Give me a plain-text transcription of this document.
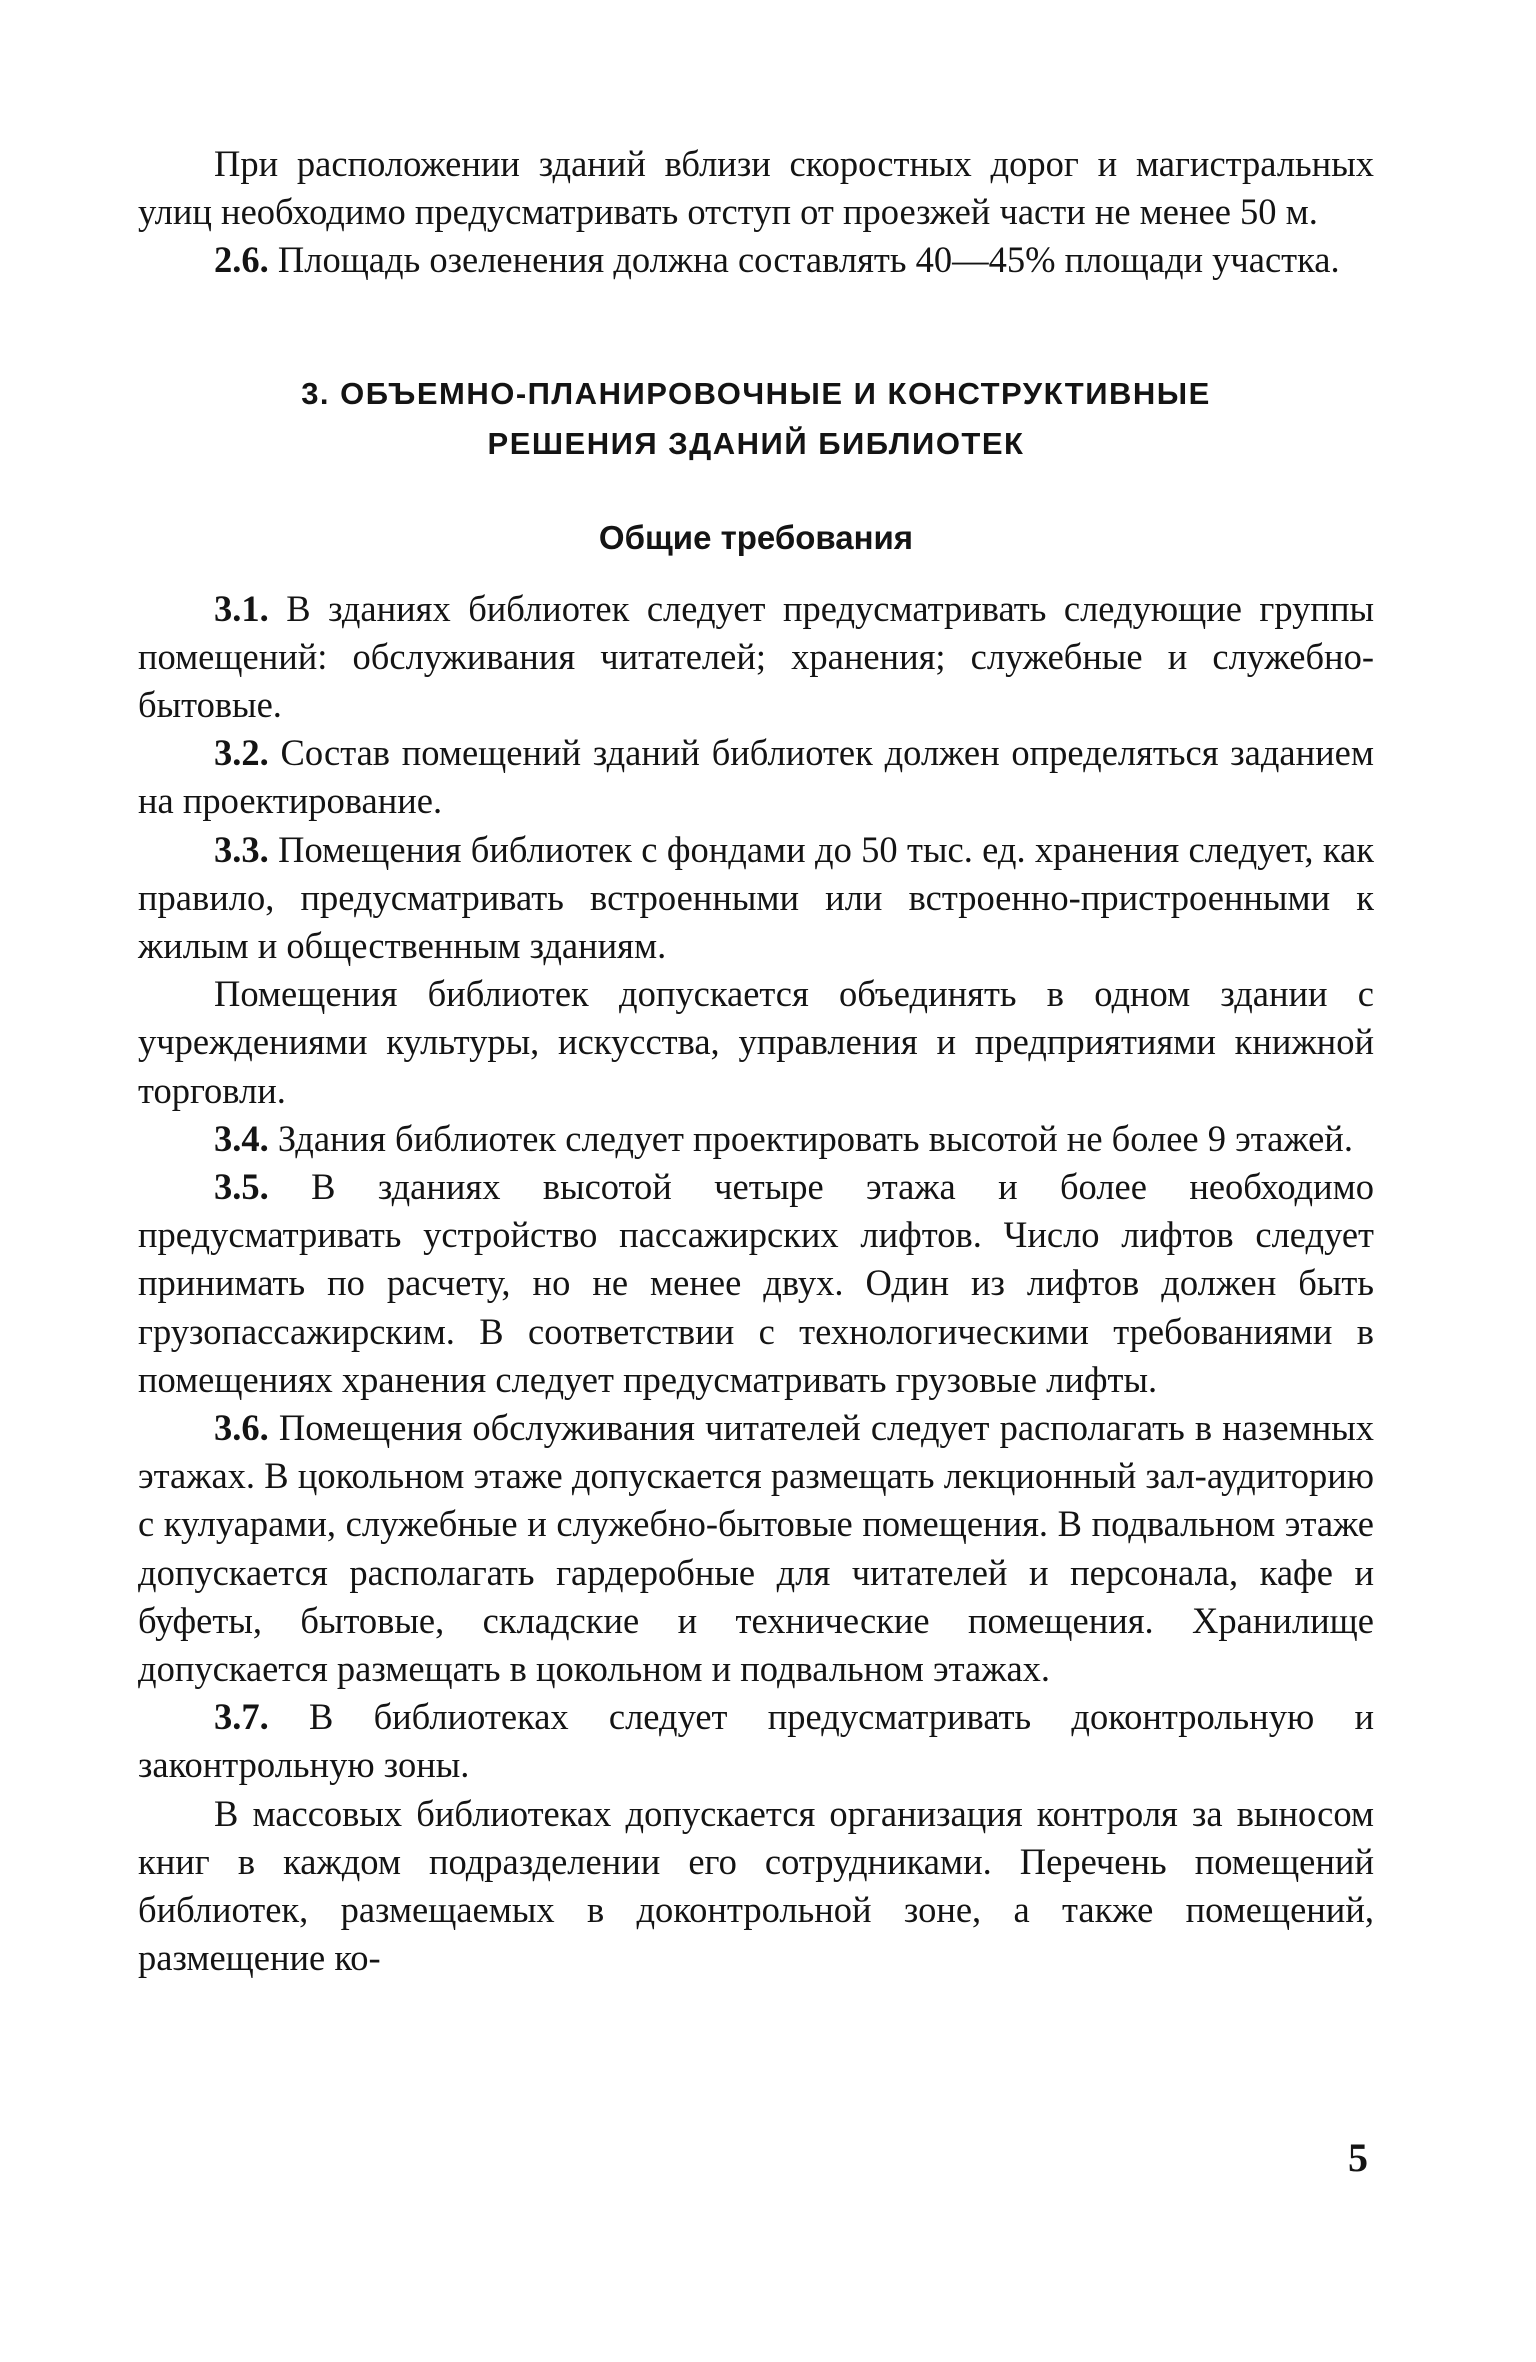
При расположении зданий вблизи скоростных дорог и магистральных улиц необходимо предусматривать отступ от проезжей части не менее 50 м.

2.6. Площадь озеленения должна составлять 40—45% площади участка.

3. ОБЪЕМНО-ПЛАНИРОВОЧНЫЕ И КОНСТРУКТИВНЫЕ
РЕШЕНИЯ ЗДАНИЙ БИБЛИОТЕК
Общие требования

3.1. В зданиях библиотек следует предусматривать следующие группы помещений: обслуживания читателей; хранения; служебные и служебно-бытовые.

3.2. Состав помещений зданий библиотек должен определяться заданием на проектирование.

3.3. Помещения библиотек с фондами до 50 тыс. ед. хранения следует, как правило, предусматривать встроенными или встроенно-пристроенными к жилым и общественным зданиям.

Помещения библиотек допускается объединять в одном здании с учреждениями культуры, искусства, управления и предприятиями книжной торговли.

3.4. Здания библиотек следует проектировать высотой не более 9 этажей.

3.5. В зданиях высотой четыре этажа и более необходимо предусматривать устройство пассажирских лифтов. Число лифтов следует принимать по расчету, но не менее двух. Один из лифтов должен быть грузопассажирским. В соответствии с технологическими требованиями в помещениях хранения следует предусматривать грузовые лифты.

3.6. Помещения обслуживания читателей следует располагать в наземных этажах. В цокольном этаже допускается размещать лекционный зал-аудиторию с кулуарами, служебные и служебно-бытовые помещения. В подвальном этаже допускается располагать гардеробные для читателей и персонала, кафе и буфеты, бытовые, складские и технические помещения. Хранилище допускается размещать в цокольном и подвальном этажах.

3.7. В библиотеках следует предусматривать доконтрольную и законтрольную зоны.

В массовых библиотеках допускается организация контроля за выносом книг в каждом подразделении его сотрудниками. Перечень помещений библиотек, размещаемых в доконтрольной зоне, а также помещений, размещение ко-

5
